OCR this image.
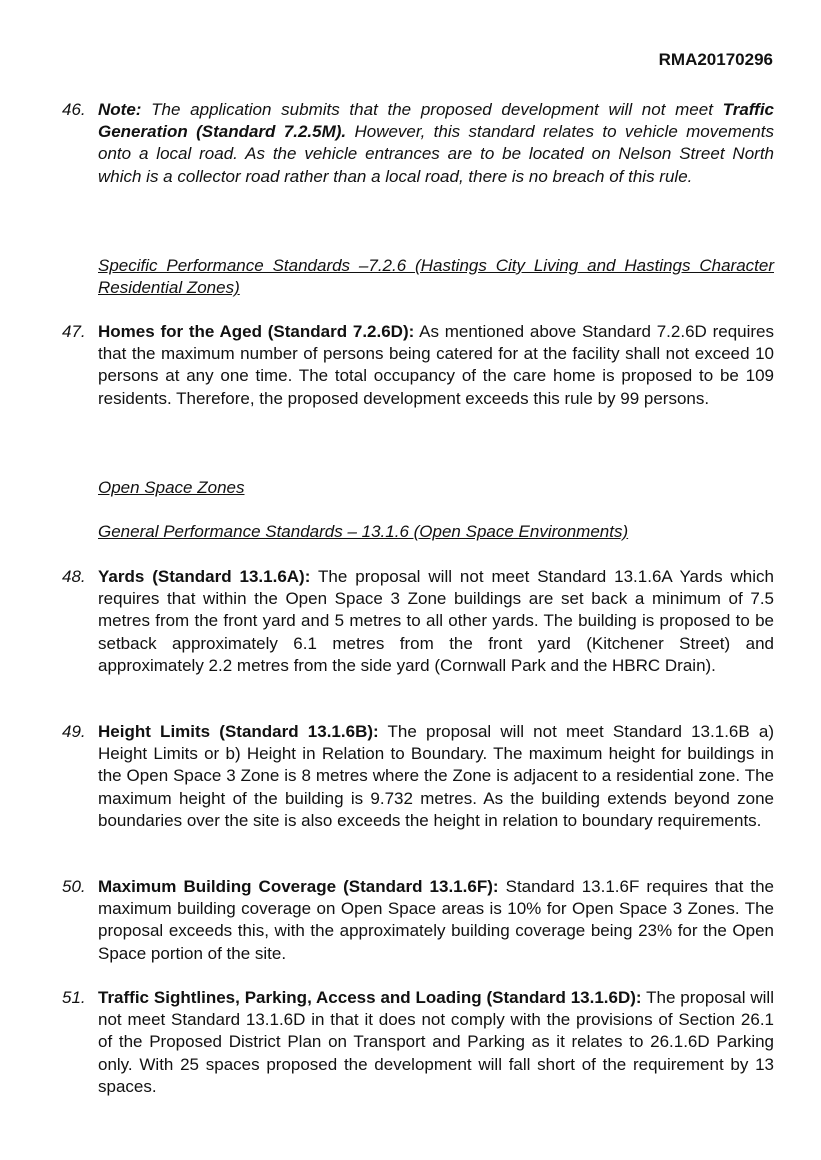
RMA20170296
46. Note: The application submits that the proposed development will not meet Traffic Generation (Standard 7.2.5M). However, this standard relates to vehicle movements onto a local road. As the vehicle entrances are to be located on Nelson Street North which is a collector road rather than a local road, there is no breach of this rule.
Specific Performance Standards –7.2.6 (Hastings City Living and Hastings Character Residential Zones)
47. Homes for the Aged (Standard 7.2.6D): As mentioned above Standard 7.2.6D requires that the maximum number of persons being catered for at the facility shall not exceed 10 persons at any one time. The total occupancy of the care home is proposed to be 109 residents. Therefore, the proposed development exceeds this rule by 99 persons.
Open Space Zones
General Performance Standards – 13.1.6 (Open Space Environments)
48. Yards (Standard 13.1.6A): The proposal will not meet Standard 13.1.6A Yards which requires that within the Open Space 3 Zone buildings are set back a minimum of 7.5 metres from the front yard and 5 metres to all other yards. The building is proposed to be setback approximately 6.1 metres from the front yard (Kitchener Street) and approximately 2.2 metres from the side yard (Cornwall Park and the HBRC Drain).
49. Height Limits (Standard 13.1.6B): The proposal will not meet Standard 13.1.6B a) Height Limits or b) Height in Relation to Boundary. The maximum height for buildings in the Open Space 3 Zone is 8 metres where the Zone is adjacent to a residential zone. The maximum height of the building is 9.732 metres. As the building extends beyond zone boundaries over the site is also exceeds the height in relation to boundary requirements.
50. Maximum Building Coverage (Standard 13.1.6F): Standard 13.1.6F requires that the maximum building coverage on Open Space areas is 10% for Open Space 3 Zones. The proposal exceeds this, with the approximately building coverage being 23% for the Open Space portion of the site.
51. Traffic Sightlines, Parking, Access and Loading (Standard 13.1.6D): The proposal will not meet Standard 13.1.6D in that it does not comply with the provisions of Section 26.1 of the Proposed District Plan on Transport and Parking as it relates to 26.1.6D Parking only. With 25 spaces proposed the development will fall short of the requirement by 13 spaces.
